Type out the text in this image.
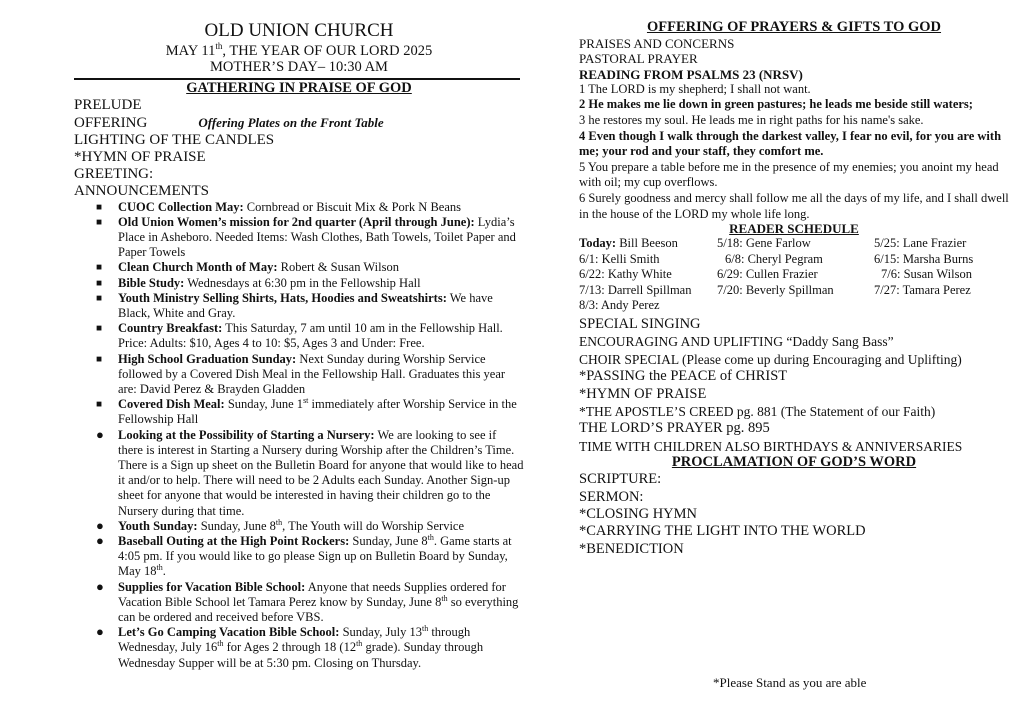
OLD UNION CHURCH
MAY 11th, THE YEAR OF OUR LORD 2025
MOTHER’S DAY– 10:30 AM
GATHERING IN PRAISE OF GOD
PRELUDE
OFFERING	Offering Plates on the Front Table
LIGHTING OF THE CANDLES
*HYMN OF PRAISE
GREETING:
ANNOUNCEMENTS
■ CUOC Collection May: Cornbread or Biscuit Mix & Pork N Beans
■ Old Union Women’s mission for 2nd quarter (April through June): Lydia’s Place in Asheboro. Needed Items: Wash Clothes, Bath Towels, Toilet Paper and Paper Towels
■ Clean Church Month of May: Robert & Susan Wilson
■ Bible Study: Wednesdays at 6:30 pm in the Fellowship Hall
■ Youth Ministry Selling Shirts, Hats, Hoodies and Sweatshirts: We have Black, White and Gray.
■ Country Breakfast: This Saturday, 7 am until 10 am in the Fellowship Hall. Price: Adults: $10, Ages 4 to 10: $5, Ages 3 and Under: Free.
■ High School Graduation Sunday: Next Sunday during Worship Service followed by a Covered Dish Meal in the Fellowship Hall. Graduates this year are: David Perez & Brayden Gladden
■ Covered Dish Meal: Sunday, June 1st immediately after Worship Service in the Fellowship Hall
● Looking at the Possibility of Starting a Nursery: We are looking to see if there is interest in Starting a Nursery during Worship after the Children’s Time. There is a Sign up sheet on the Bulletin Board for anyone that would like to head it and/or to help. There will need to be 2 Adults each Sunday. Another Sign-up sheet for anyone that would be interested in having their children go to the Nursery during that time.
● Youth Sunday: Sunday, June 8th, The Youth will do Worship Service
● Baseball Outing at the High Point Rockers: Sunday, June 8th. Game starts at 4:05 pm. If you would like to go please Sign up on Bulletin Board by Sunday, May 18th.
● Supplies for Vacation Bible School: Anyone that needs Supplies ordered for Vacation Bible School let Tamara Perez know by Sunday, June 8th so everything can be ordered and received before VBS.
● Let’s Go Camping Vacation Bible School: Sunday, July 13th through Wednesday, July 16th for Ages 2 through 18 (12th grade). Sunday through Wednesday Supper will be at 5:30 pm. Closing on Thursday.
OFFERING OF PRAYERS & GIFTS TO GOD
PRAISES AND CONCERNS
PASTORAL PRAYER
READING FROM PSALMS 23 (NRSV)
1 The LORD is my shepherd; I shall not want.
2 He makes me lie down in green pastures; he leads me beside still waters;
3 he restores my soul. He leads me in right paths for his name's sake.
4 Even though I walk through the darkest valley, I fear no evil, for you are with me; your rod and your staff, they comfort me.
5 You prepare a table before me in the presence of my enemies; you anoint my head with oil; my cup overflows.
6 Surely goodness and mercy shall follow me all the days of my life, and I shall dwell in the house of the LORD my whole life long.
READER SCHEDULE
Today: Bill Beeson	5/18: Gene Farlow	5/25: Lane Frazier
6/1: Kelli Smith	6/8: Cheryl Pegram	6/15: Marsha Burns
6/22: Kathy White	6/29: Cullen Frazier	7/6: Susan Wilson
7/13: Darrell Spillman	7/20: Beverly Spillman	7/27: Tamara Perez
8/3: Andy Perez		
SPECIAL SINGING
ENCOURAGING AND UPLIFTING “Daddy Sang Bass”
CHOIR SPECIAL (Please come up during Encouraging and Uplifting)
*PASSING the PEACE of CHRIST
*HYMN OF PRAISE
*THE APOSTLE’S CREED pg. 881 (The Statement of our Faith)
THE LORD’S PRAYER pg. 895
TIME WITH CHILDREN ALSO BIRTHDAYS & ANNIVERSARIES
PROCLAMATION OF GOD’S WORD
SCRIPTURE:
SERMON:
*CLOSING HYMN
*CARRYING THE LIGHT INTO THE WORLD
*BENEDICTION
*Please Stand as you are able
